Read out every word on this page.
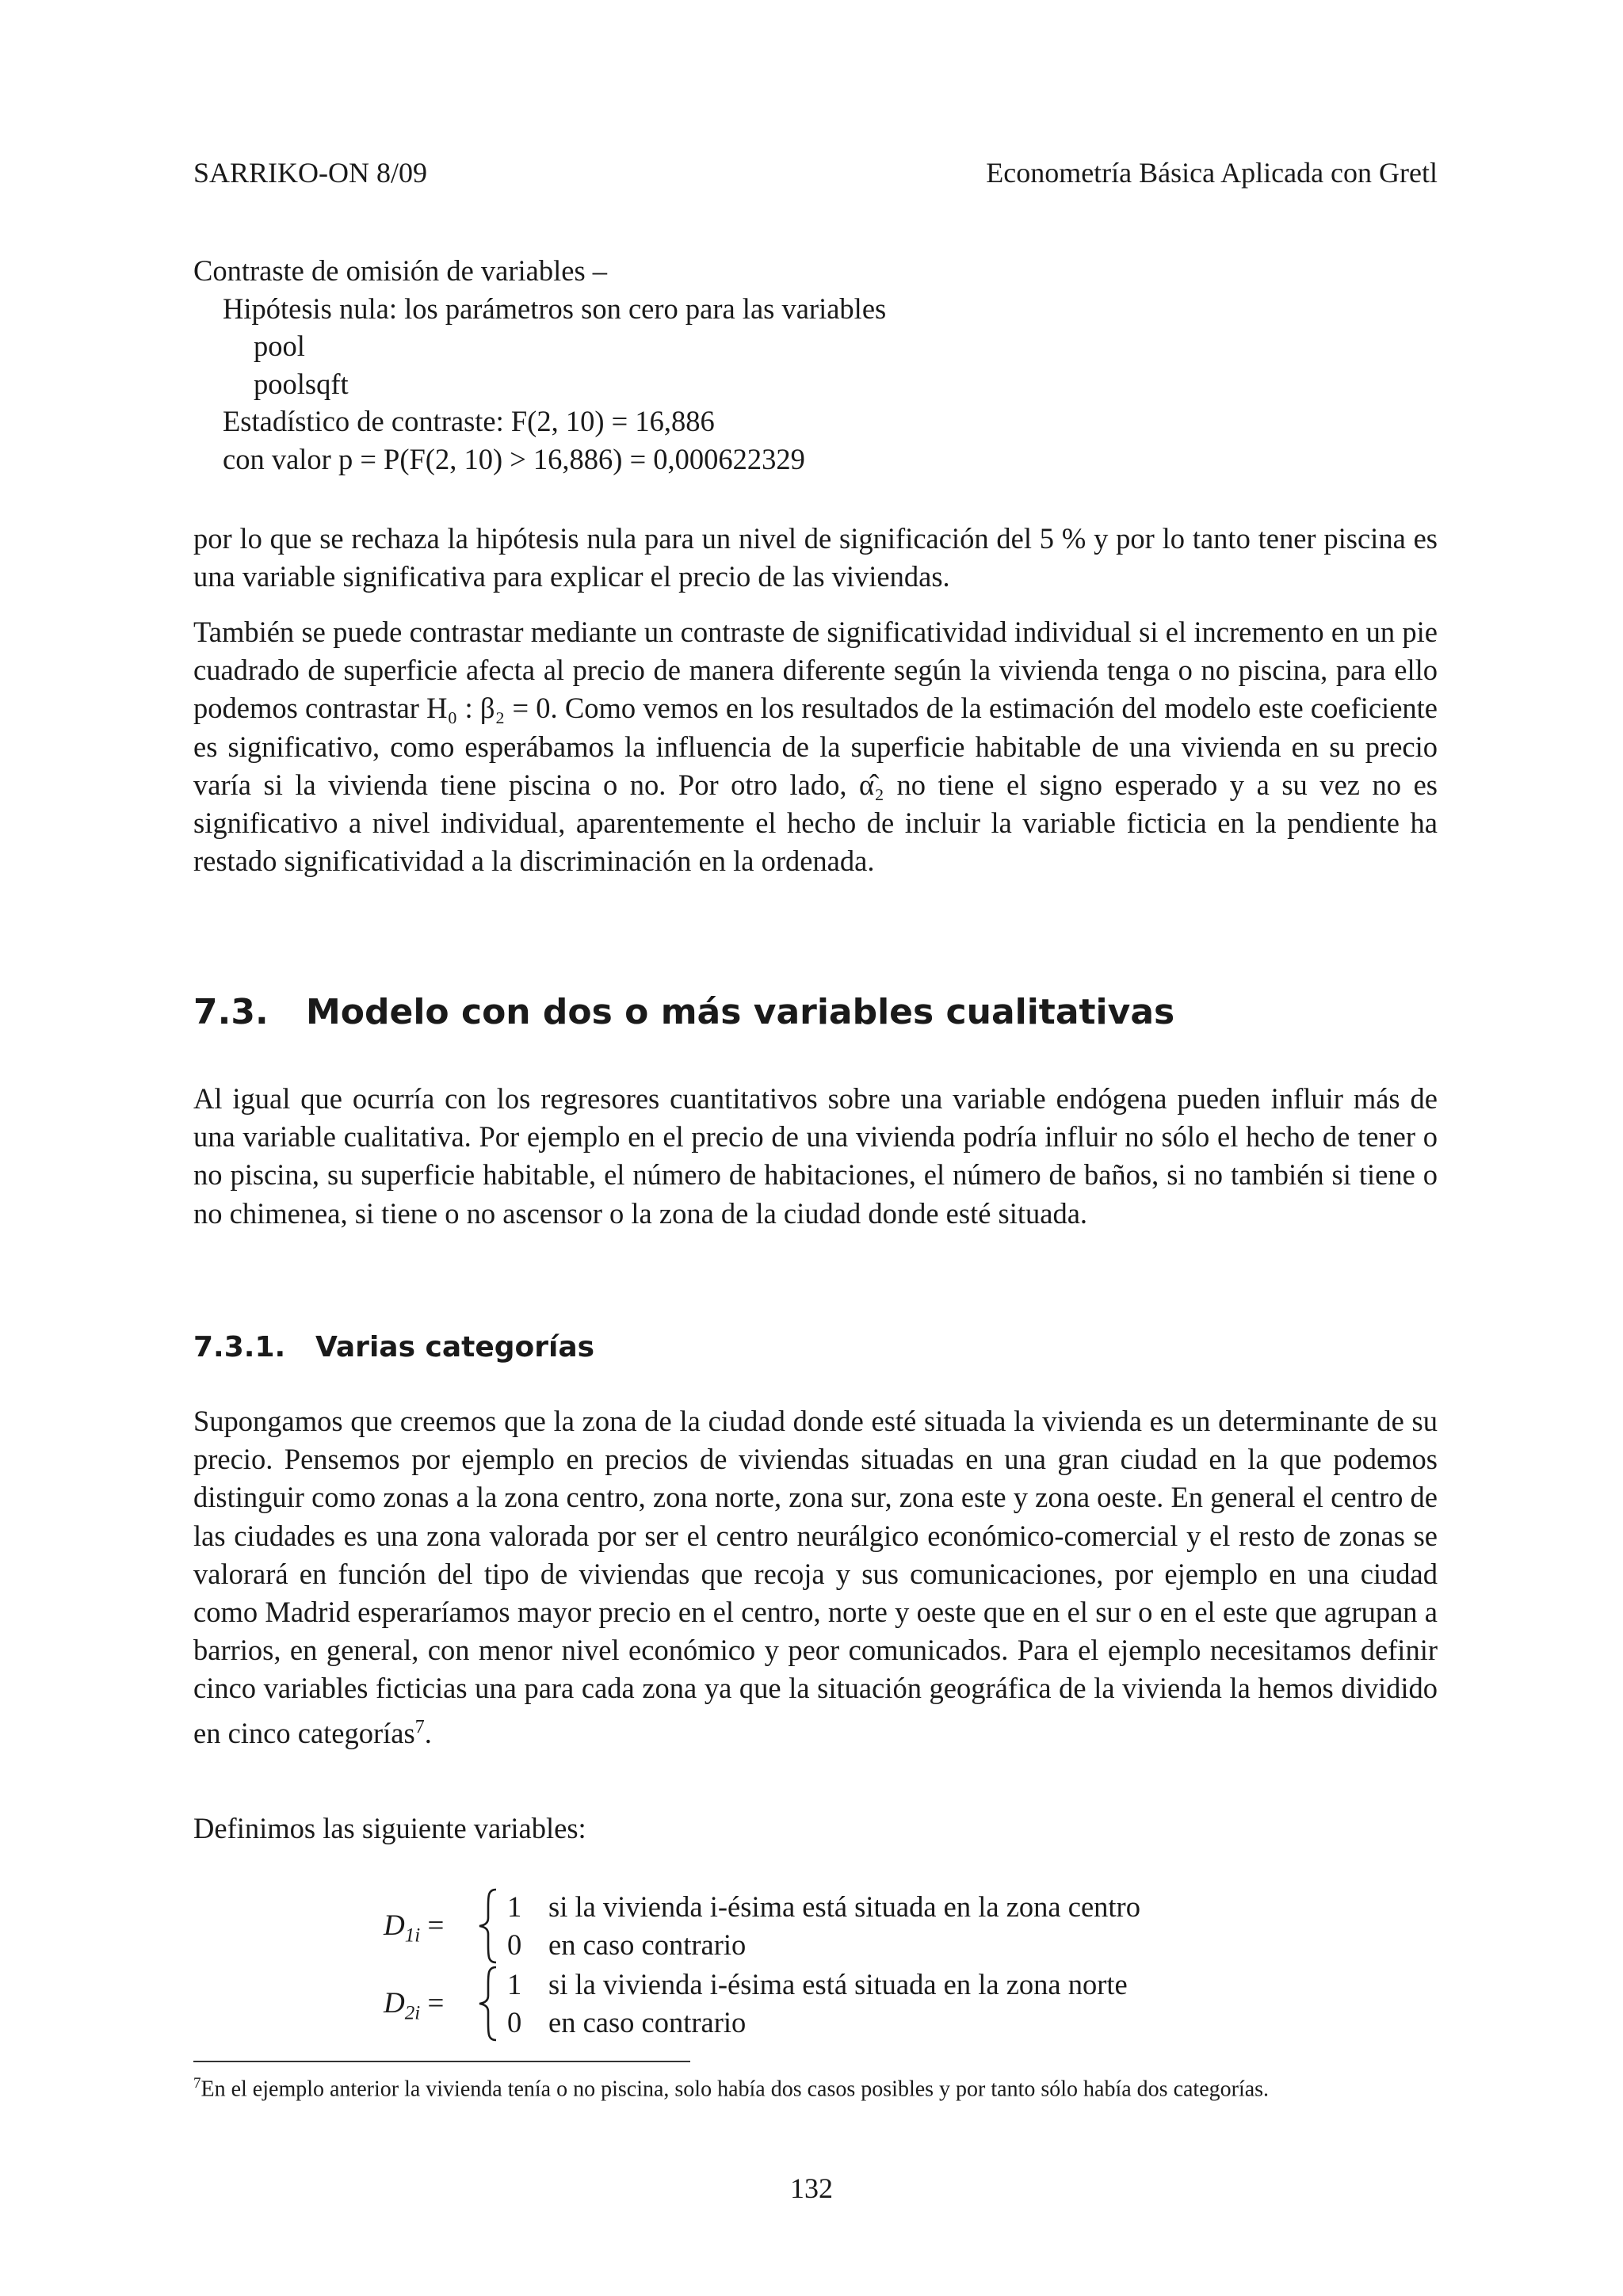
SARRIKO-ON 8/09	Econometría Básica Aplicada con Gretl
Contraste de omisión de variables –
Hipótesis nula: los parámetros son cero para las variables
pool
poolsqft
Estadístico de contraste: F(2, 10) = 16,886
con valor p = P(F(2, 10) > 16,886) = 0,000622329

por lo que se rechaza la hipótesis nula para un nivel de significación del 5 % y por lo tanto tener piscina es una variable significativa para explicar el precio de las viviendas.

También se puede contrastar mediante un contraste de significatividad individual si el incremento en un pie cuadrado de superficie afecta al precio de manera diferente según la vivienda tenga o no piscina, para ello podemos contrastar H₀ : β₂ = 0. Como vemos en los resultados de la estimación del modelo este coeficiente es significativo, como esperábamos la influencia de la superficie habitable de una vivienda en su precio varía si la vivienda tiene piscina o no. Por otro lado, α̂₂ no tiene el signo esperado y a su vez no es significativo a nivel individual, aparentemente el hecho de incluir la variable ficticia en la pendiente ha restado significatividad a la discriminación en la ordenada.

7.3. Modelo con dos o más variables cualitativas

Al igual que ocurría con los regresores cuantitativos sobre una variable endógena pueden influir más de una variable cualitativa. Por ejemplo en el precio de una vivienda podría influir no sólo el hecho de tener o no piscina, su superficie habitable, el número de habitaciones, el número de baños, si no también si tiene o no chimenea, si tiene o no ascensor o la zona de la ciudad donde esté situada.

7.3.1. Varias categorías

Supongamos que creemos que la zona de la ciudad donde esté situada la vivienda es un determinante de su precio. Pensemos por ejemplo en precios de viviendas situadas en una gran ciudad en la que podemos distinguir como zonas a la zona centro, zona norte, zona sur, zona este y zona oeste. En general el centro de las ciudades es una zona valorada por ser el centro neurálgico económico-comercial y el resto de zonas se valorará en función del tipo de viviendas que recoja y sus comunicaciones, por ejemplo en una ciudad como Madrid esperaríamos mayor precio en el centro, norte y oeste que en el sur o en el este que agrupan a barrios, en general, con menor nivel económico y peor comunicados. Para el ejemplo necesitamos definir cinco variables ficticias una para cada zona ya que la situación geográfica de la vivienda la hemos dividido en cinco categorías$^7$.

Definimos las siguiente variables:

$D_{1i}$ =
1 si la vivienda i-ésima está situada en la zona centro
0 en caso contrario
$D_{2i}$ =
1 si la vivienda i-ésima está situada en la zona norte
0 en caso contrario
$^7$En el ejemplo anterior la vivienda tenía o no piscina, solo había dos casos posibles y por tanto sólo había dos categorías.
132
